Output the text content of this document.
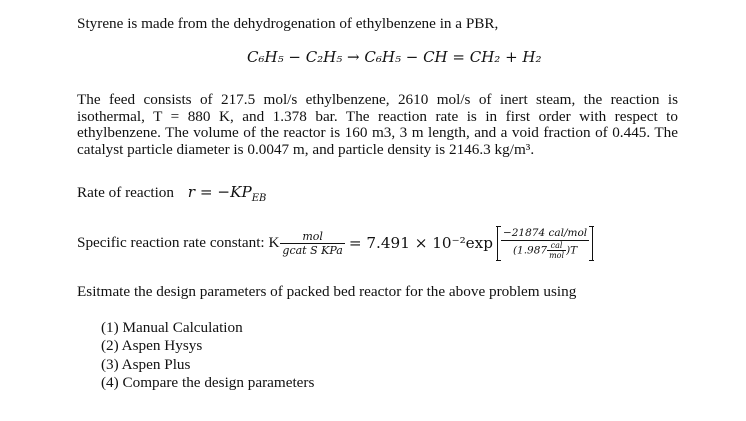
Styrene is made from the dehydrogenation of ethylbenzene in a PBR,
C₆H₅ − C₂H₅ → C₆H₅ − CH = CH₂ + H₂
The feed consists of 217.5 mol/s ethylbenzene, 2610 mol/s of inert steam, the reaction is isothermal, T = 880 K, and 1.378 bar. The reaction rate is in first order with respect to ethylbenzene. The volume of the reactor is 160 m3, 3 m length, and a void fraction of 0.445. The catalyst particle diameter is 0.0047 m, and particle density is 2146.3 kg/m³.
Rate of reaction $r = -KP_{EB}$
Specific reaction rate constant: K $\frac{\text{mol}}{\text{gcat S KPa}} = 7.491 \times 10^{-2}\exp \frac{\text{−21874 cal/mol}}{(1.987 \frac{\text{cal}}{\text{mol}} )T}$
Esitmate the design parameters of packed bed reactor for the above problem using
(1) Manual Calculation
(2) Aspen Hysys
(3) Aspen Plus
(4) Compare the design parameters
